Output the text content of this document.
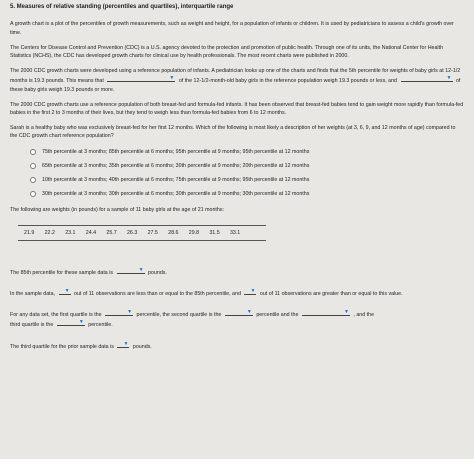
5. Measures of relative standing (percentiles and quartiles), interquartile range

A growth chart is a plot of the percentiles of growth measurements, such as weight and height, for a population of infants or children. It is used by pediatricians to assess a child's growth over time.

The Centers for Disease Control and Prevention (CDC) is a U.S. agency devoted to the protection and promotion of public health. Through one of its units, the National Center for Health Statistics (NCHS), the CDC has developed growth charts for clinical use by health professionals. The most recent charts were published in 2000.

The 2000 CDC growth charts were developed using a reference population of infants. A pediatrician looks up one of the charts and finds that the 5th percentile for weights of baby girls at 12-1/2 months is 19.3 pounds. This means that	▼ of the 12-1/2-month-old baby girls in the reference population weigh 19.3 pounds or less, and	▼ of these baby girls weigh 19.3 pounds or more.

The 2000 CDC growth charts use a reference population of both breast-fed and formula-fed infants. It has been observed that breast-fed babies tend to gain weight more rapidly than formula-fed babies in the first 2 to 3 months of their lives, but they tend to weigh less than formula-fed babies from 6 to 12 months.

Sarah is a healthy baby who was exclusively breast-fed for her first 12 months. Which of the following is most likely a description of her weights (at 3, 6, 9, and 12 months of age) compared to the CDC growth chart reference population?

75th percentile at 3 months; 85th percentile at 6 months; 95th percentile at 9 months; 95th percentile at 12 months
65th percentile at 3 months; 35th percentile at 6 months; 30th percentile at 9 months; 20th percentile at 12 months
10th percentile at 3 months; 40th percentile at 6 months; 75th percentile at 9 months; 95th percentile at 12 months
30th percentile at 3 months; 30th percentile at 6 months; 30th percentile at 9 months; 30th percentile at 12 months

The following are weights (in pounds) for a sample of 11 baby girls at the age of 21 months:

21.9	22.2	23.1	24.4	25.7	26.3	27.5	28.6	29.8	31.5	33.1

The 85th percentile for these sample data is	▼ pounds.

In the sample data, ▼ out of 11 observations are less than or equal to the 85th percentile, and ▼ out of 11 observations are greater than or equal to this value.

For any data set, the first quartile is the	▼ percentile, the second quartile is the	▼ percentile and the	▼ , and the
third quartile is the	▼ percentile.

The third quartile for the prior sample data is ▼ pounds.
